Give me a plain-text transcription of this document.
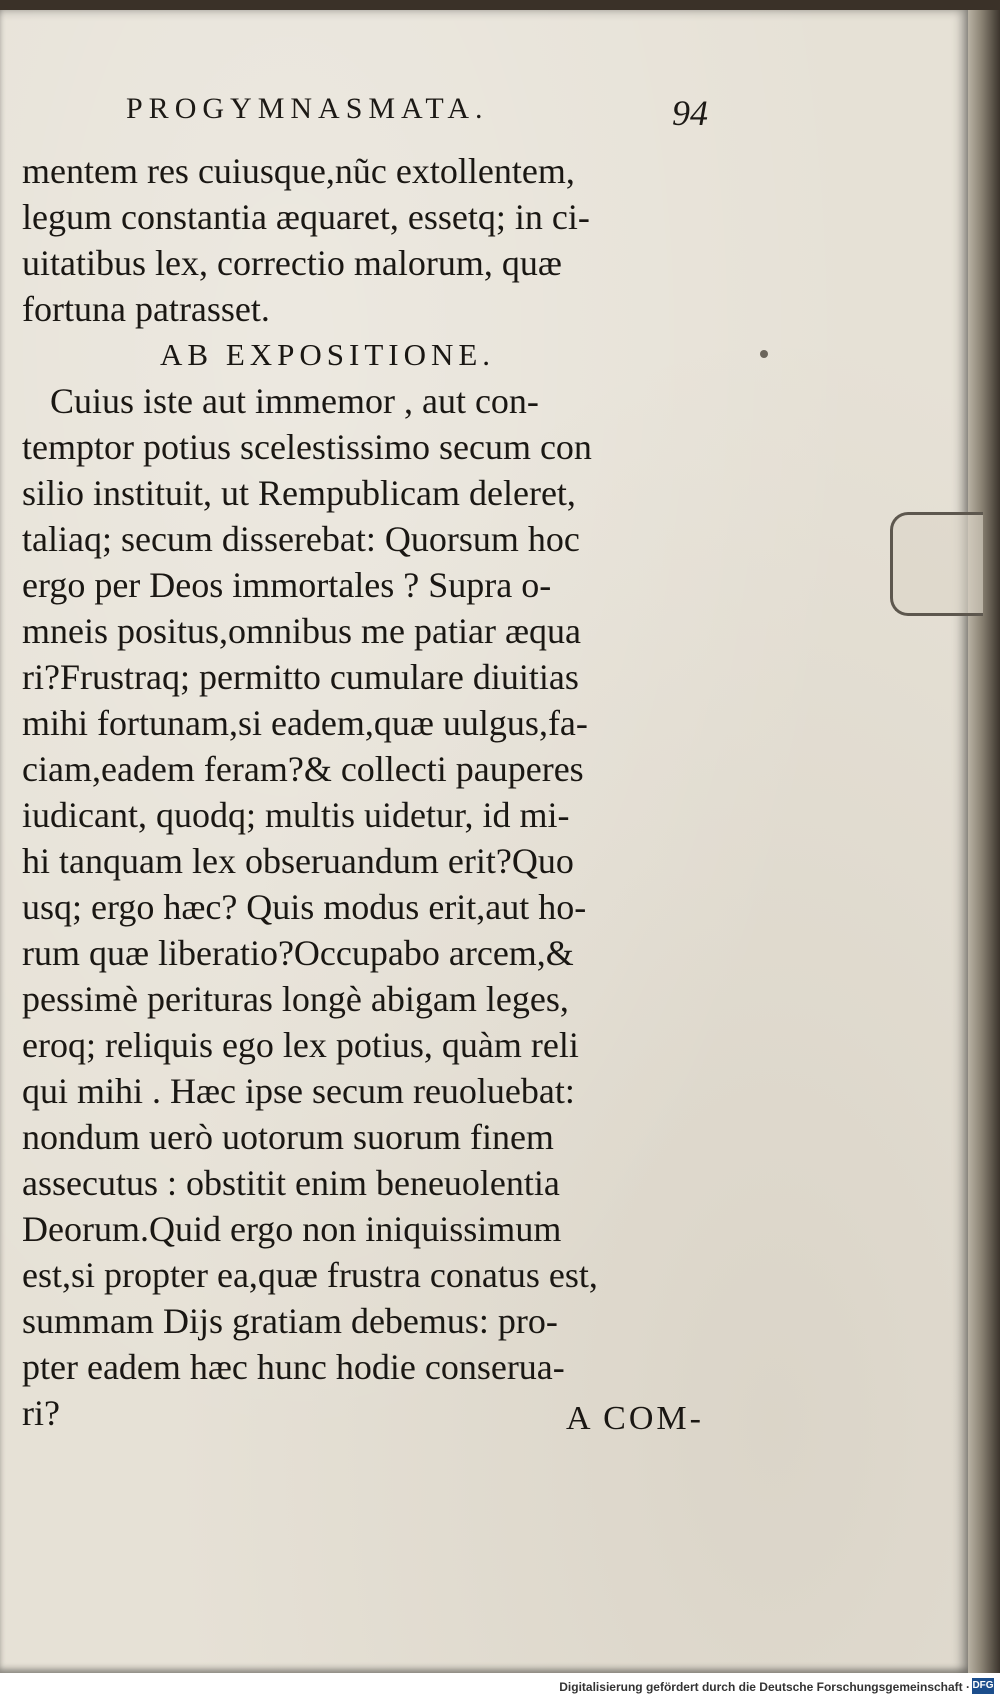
PROGYMNASMATA.	94
mentem res cuiusque,nũc extollentem,
legum constantia æquaret, essetq; in ci-
uitatibus lex, correctio malorum, quæ
fortuna patrasset.
AB EXPOSITIONE.
Cuius iste aut immemor , aut con-
temptor potius scelestissimo secum con
silio instituit, ut Rempublicam deleret,
taliaq; secum disserebat: Quorsum hoc
ergo per Deos immortales ? Supra o-
mneis positus,omnibus me patiar æqua
ri?Frustraq; permitto cumulare diuitias
mihi fortunam,si eadem,quæ uulgus,fa-
ciam,eadem feram?& collecti pauperes
iudicant, quodq; multis uidetur, id mi-
hi tanquam lex obseruandum erit?Quo
usq; ergo hæc? Quis modus erit,aut ho-
rum quæ liberatio?Occupabo arcem,&
pessimè perituras longè abigam leges,
eroq; reliquis ego lex potius, quàm reli
qui mihi . Hæc ipse secum reuoluebat:
nondum uerò uotorum suorum finem
assecutus : obstitit enim beneuolentia
Deorum.Quid ergo non iniquissimum
est,si propter ea,quæ frustra conatus est,
summam Dijs gratiam debemus: pro-
pter eadem hæc hunc hodie conserua-
ri?	A COM-
Digitalisierung gefördert durch die Deutsche Forschungsgemeinschaft · DFG
